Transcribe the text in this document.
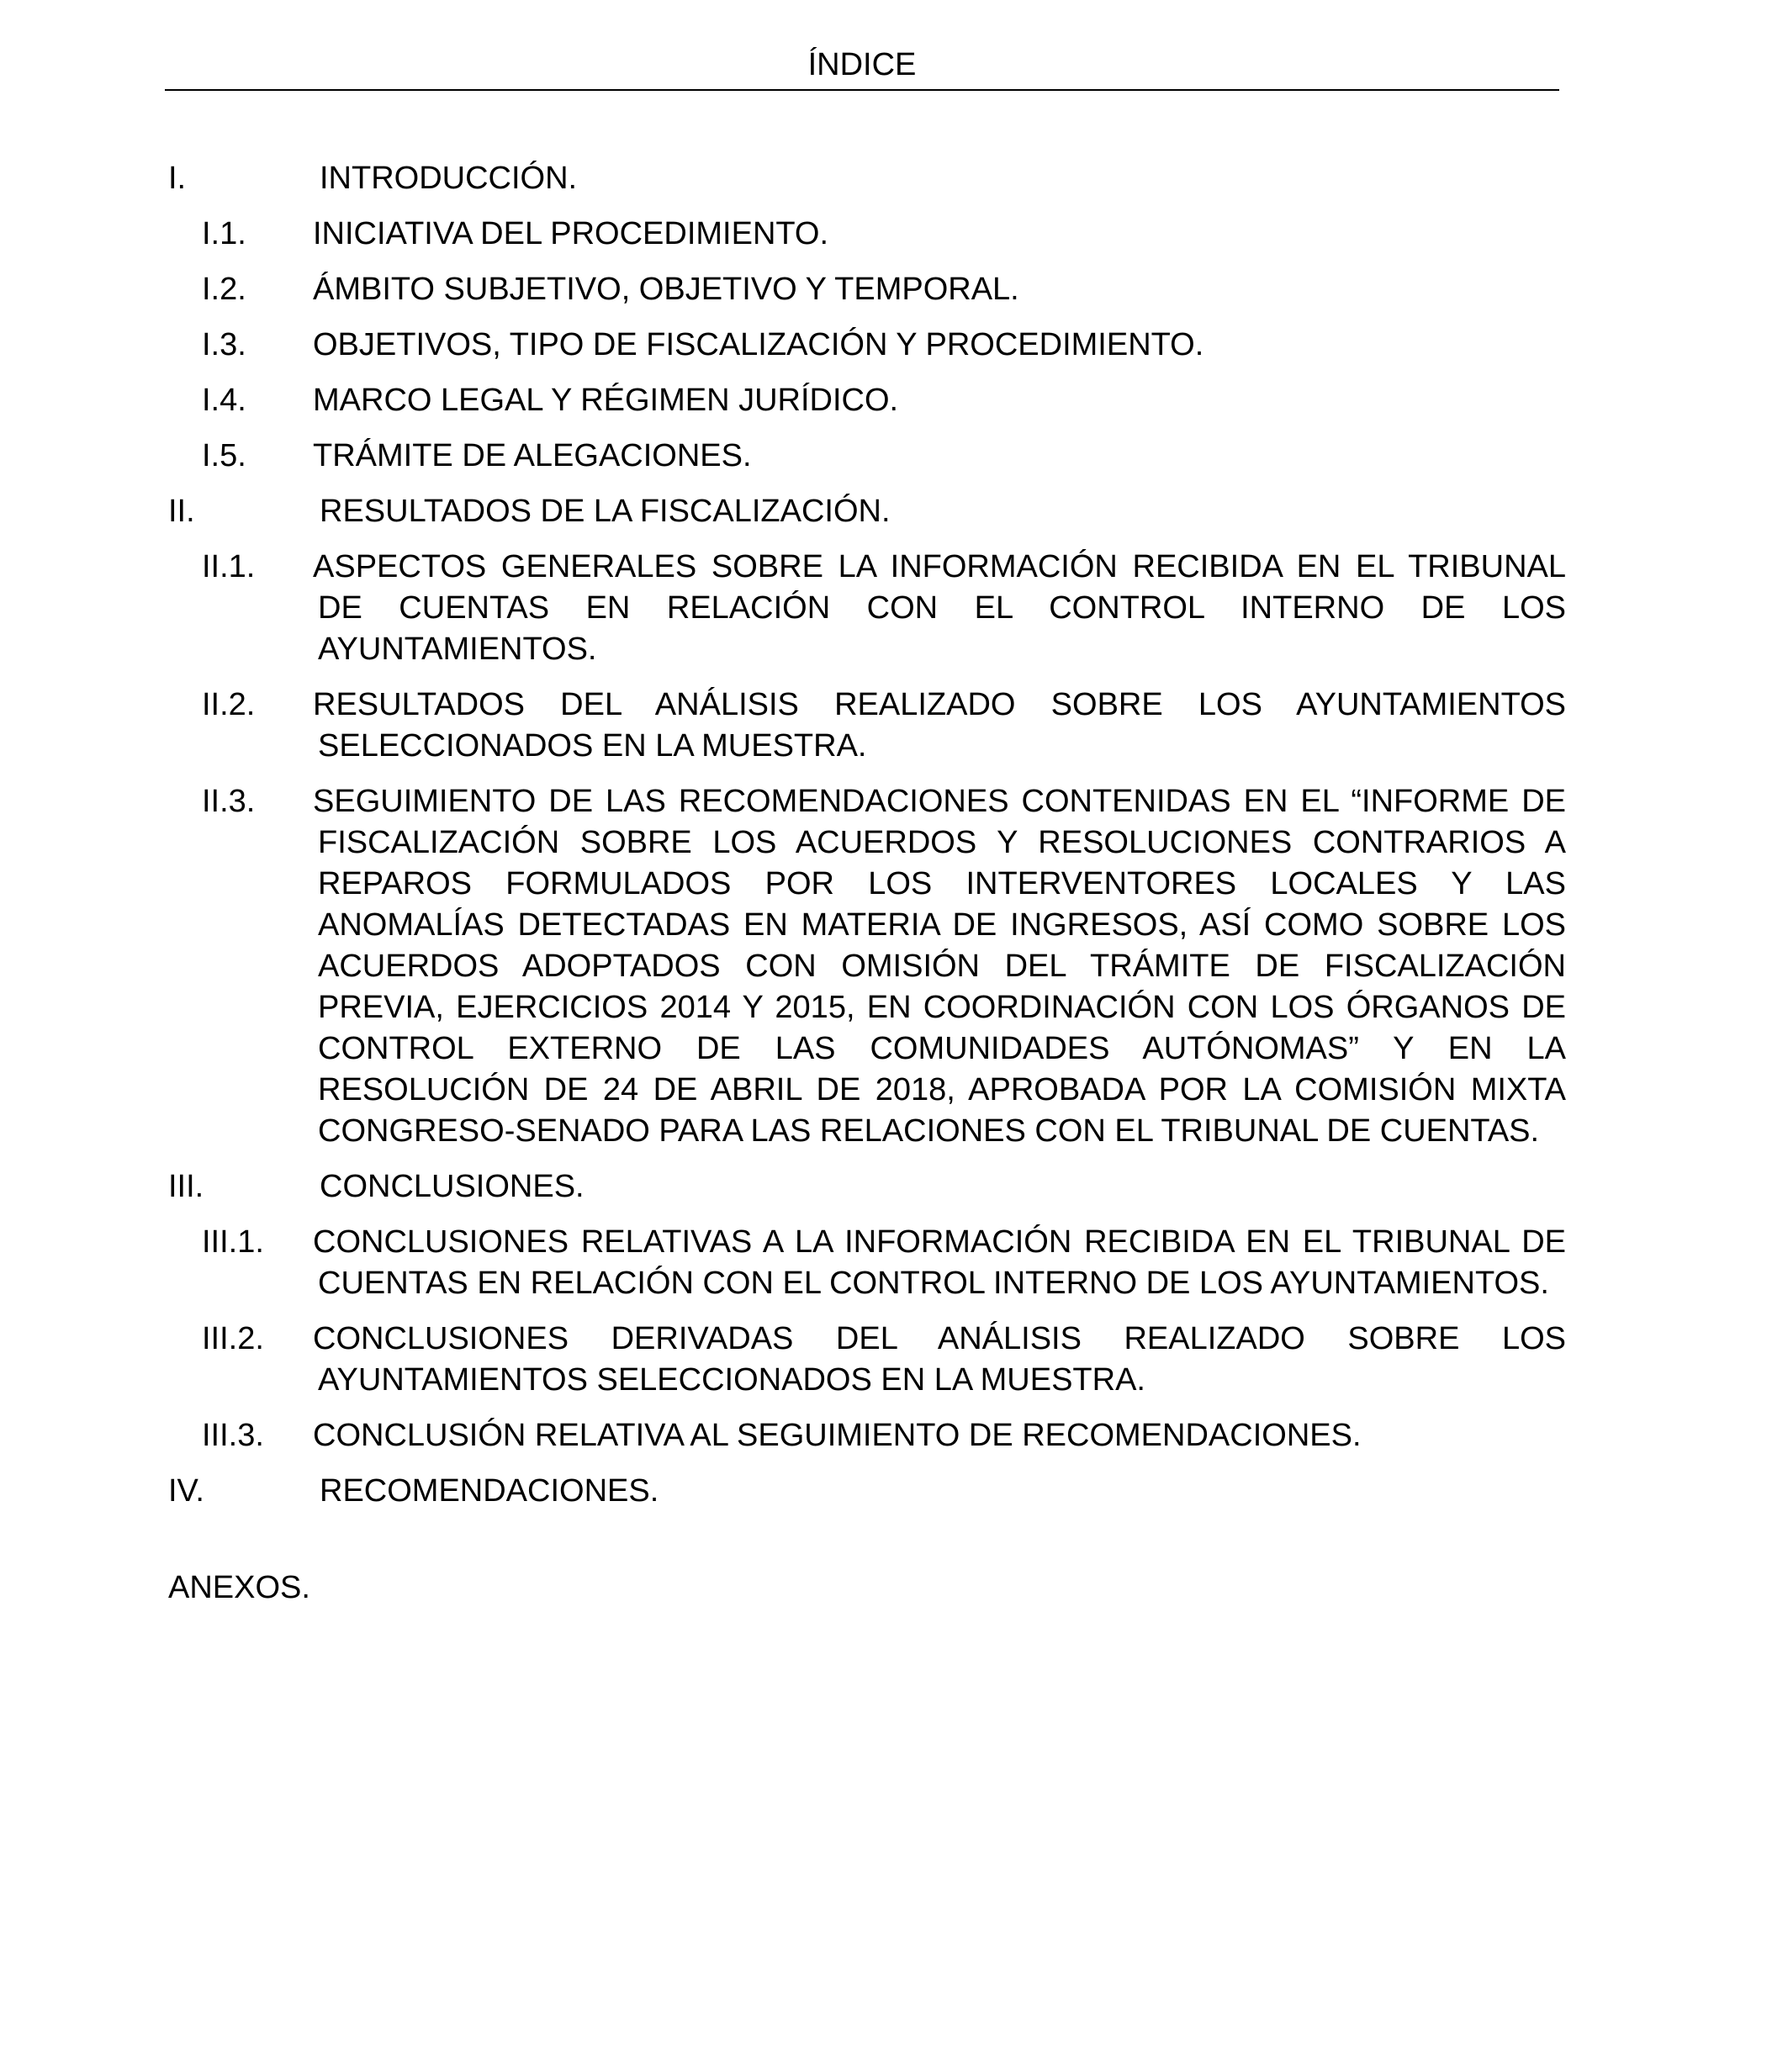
ÍNDICE
I.	INTRODUCCIÓN.
I.1.	INICIATIVA DEL PROCEDIMIENTO.
I.2.	ÁMBITO SUBJETIVO, OBJETIVO Y TEMPORAL.
I.3.	OBJETIVOS, TIPO DE FISCALIZACIÓN Y PROCEDIMIENTO.
I.4.	MARCO LEGAL Y RÉGIMEN JURÍDICO.
I.5.	TRÁMITE DE ALEGACIONES.
II.	RESULTADOS DE LA FISCALIZACIÓN.
II.1.	ASPECTOS GENERALES SOBRE LA INFORMACIÓN RECIBIDA EN EL TRIBUNAL DE CUENTAS EN RELACIÓN CON EL CONTROL INTERNO DE LOS AYUNTAMIENTOS.
II.2.	RESULTADOS DEL ANÁLISIS REALIZADO SOBRE LOS AYUNTAMIENTOS SELECCIONADOS EN LA MUESTRA.
II.3.	SEGUIMIENTO DE LAS RECOMENDACIONES CONTENIDAS EN EL “INFORME DE FISCALIZACIÓN SOBRE LOS ACUERDOS Y RESOLUCIONES CONTRARIOS A REPAROS FORMULADOS POR LOS INTERVENTORES LOCALES Y LAS ANOMALÍAS DETECTADAS EN MATERIA DE INGRESOS, ASÍ COMO SOBRE LOS ACUERDOS ADOPTADOS CON OMISIÓN DEL TRÁMITE DE FISCALIZACIÓN PREVIA, EJERCICIOS 2014 Y 2015, EN COORDINACIÓN CON LOS ÓRGANOS DE CONTROL EXTERNO DE LAS COMUNIDADES AUTÓNOMAS” Y EN LA RESOLUCIÓN DE 24 DE ABRIL DE 2018, APROBADA POR LA COMISIÓN MIXTA CONGRESO-SENADO PARA LAS RELACIONES CON EL TRIBUNAL DE CUENTAS.
III.	CONCLUSIONES.
III.1.	CONCLUSIONES RELATIVAS A LA INFORMACIÓN RECIBIDA EN EL TRIBUNAL DE CUENTAS EN RELACIÓN CON EL CONTROL INTERNO DE LOS AYUNTAMIENTOS.
III.2.	CONCLUSIONES DERIVADAS DEL ANÁLISIS REALIZADO SOBRE LOS AYUNTAMIENTOS SELECCIONADOS EN LA MUESTRA.
III.3.	CONCLUSIÓN RELATIVA AL SEGUIMIENTO DE RECOMENDACIONES.
IV.	RECOMENDACIONES.
ANEXOS.
